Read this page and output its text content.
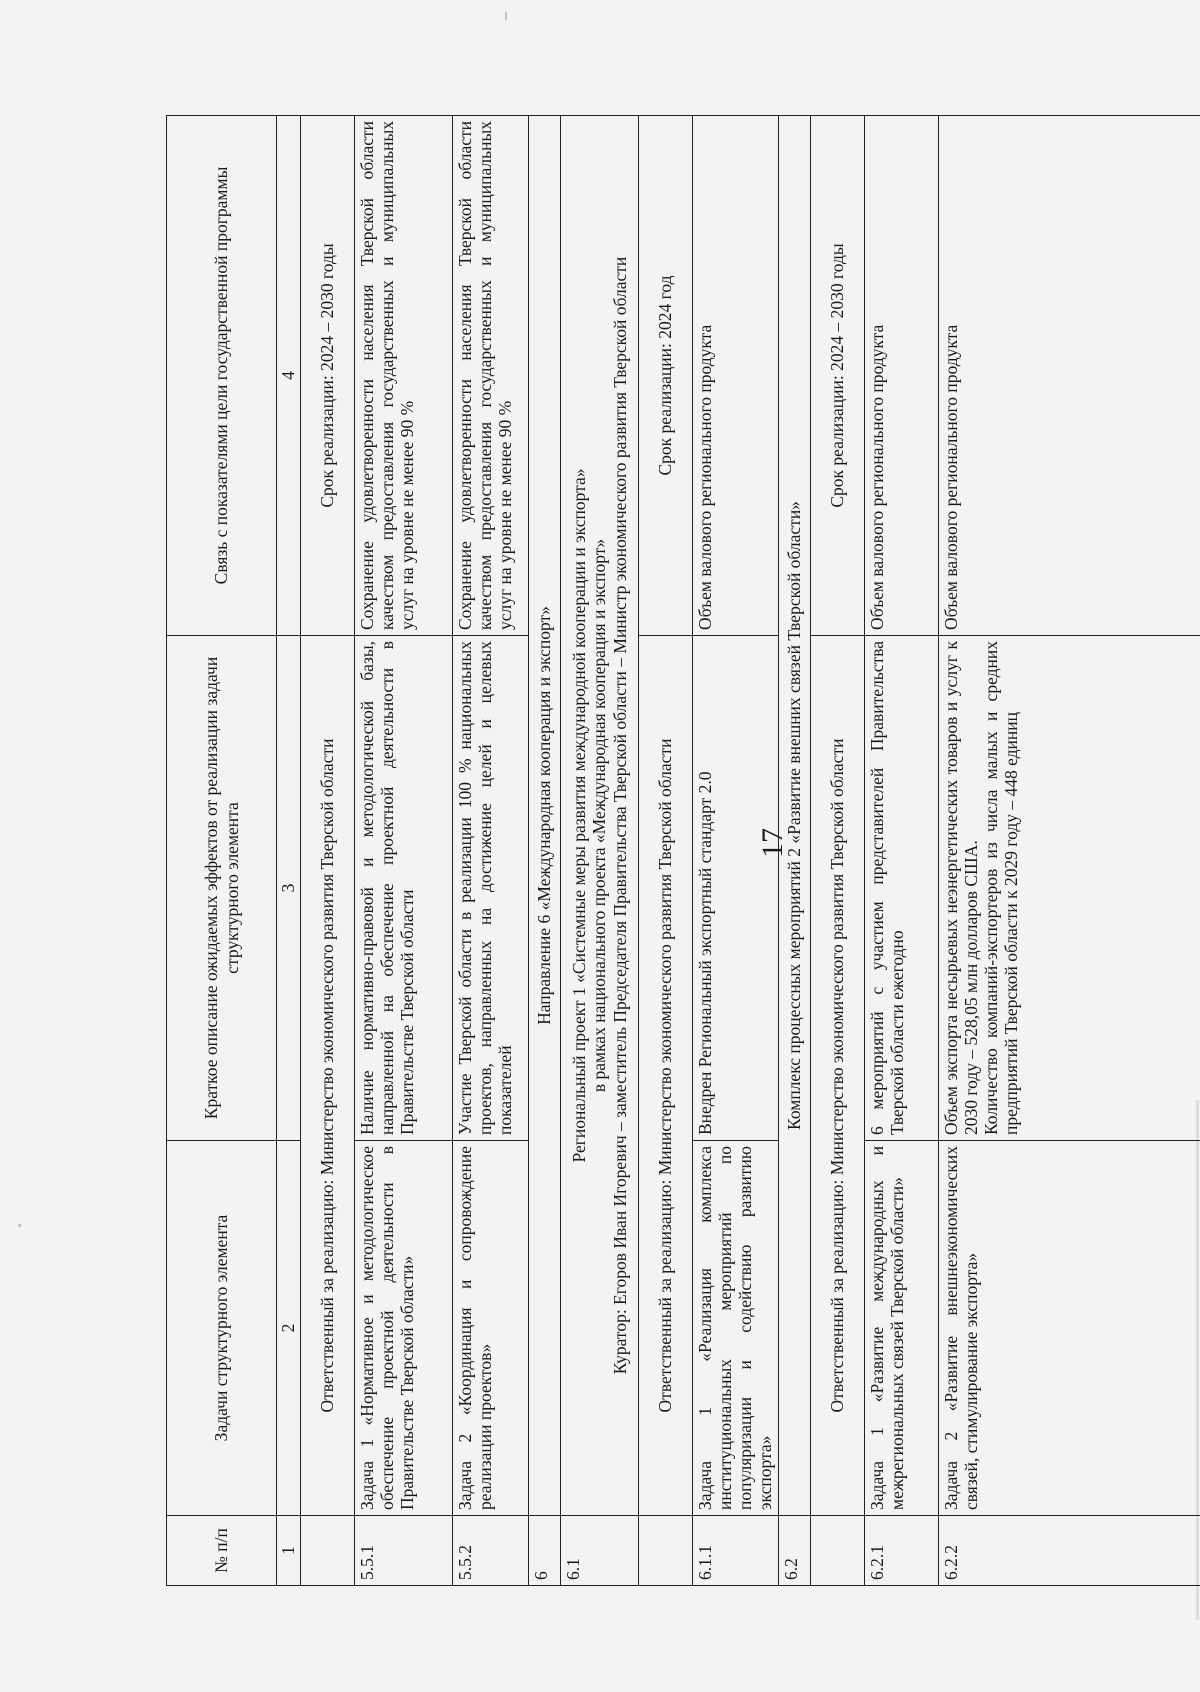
17
№ п/п	Задачи структурного элемента	Краткое описание ожидаемых эффектов от реализации задачи структурного элемента	Связь с показателями цели государственной программы
1	2	3	4
	Ответственный за реализацию: Министерство экономического развития Тверской области		Срок реализации: 2024 – 2030 годы
5.5.1	Задача 1 «Нормативное и методологическое обеспечение проектной деятельности в Правительстве Тверской области»	Наличие нормативно-правовой и методологической базы, направленной на обеспечение проектной деятельности в Правительстве Тверской области	Сохранение удовлетворенности населения Тверской области качеством предоставления государственных и муниципальных услуг на уровне не менее 90 %
5.5.2	Задача 2 «Координация и сопровождение реализации проектов»	Участие Тверской области в реализации 100 % национальных проектов, направленных на достижение целей и целевых показателей	Сохранение удовлетворенности населения Тверской области качеством предоставления государственных и муниципальных услуг на уровне не менее 90 %
6	Направление 6 «Международная кооперация и экспорт»		
6.1	Региональный проект 1 «Системные меры развития международной кооперации и экспорта» в рамках национального проекта «Международная кооперация и экспорт» Куратор: Егоров Иван Игоревич – заместитель Председателя Правительства Тверской области – Министр экономического развития Тверской области		

	Ответственный за реализацию: Министерство экономического развития Тверской области		Срок реализации: 2024 год
6.1.1	Задача 1 «Реализация комплекса институциональных мероприятий по популяризации и содействию развитию экспорта»	Внедрен Региональный экспортный стандарт 2.0	Объем валового регионального продукта
6.2	Комплекс процессных мероприятий 2 «Развитие внешних связей Тверской области»		
	Ответственный за реализацию: Министерство экономического развития Тверской области		Срок реализации: 2024 – 2030 годы
6.2.1	Задача 1 «Развитие международных и межрегиональных связей Тверской области»	6 мероприятий с участием представителей Правительства Тверской области ежегодно	Объем валового регионального продукта
6.2.2	Задача 2 «Развитие внешнеэкономических связей, стимулирование экспорта»	Объем экспорта несырьевых неэнергетических товаров и услуг к 2030 году – 528,05 млн долларов США. Количество компаний-экспортеров из числа малых и средних предприятий Тверской области к 2029 году – 448 единиц	Объем валового регионального продукта
